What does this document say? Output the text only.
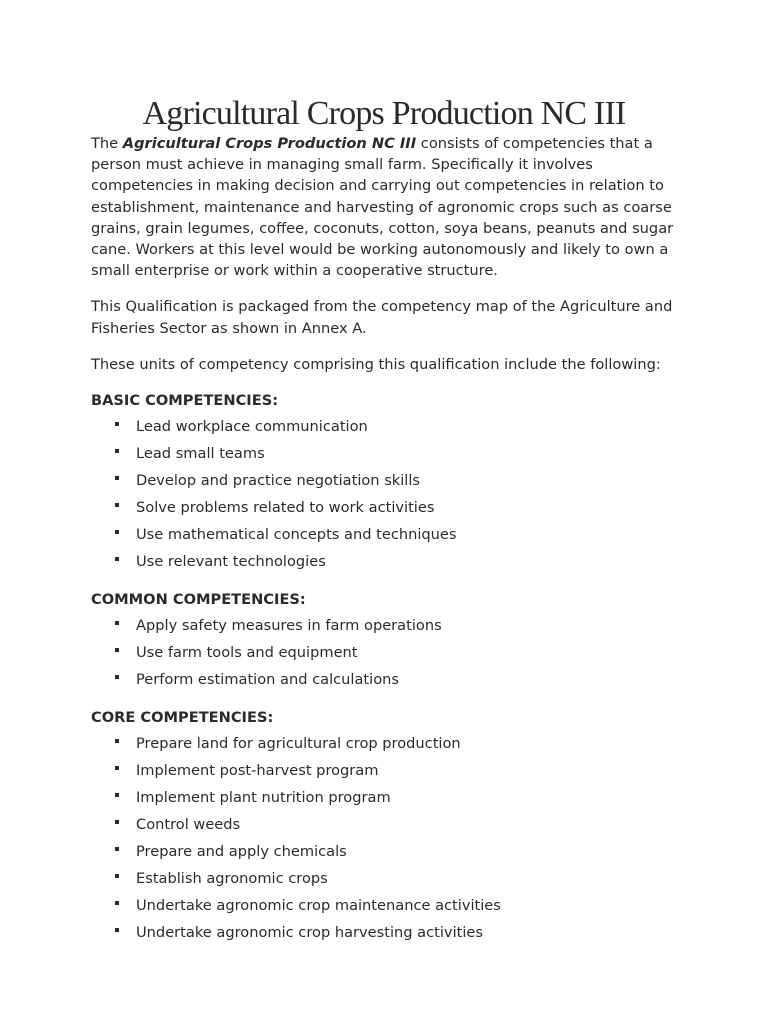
Agricultural Crops Production NC III

The Agricultural Crops Production NC III consists of competencies that a person must achieve in managing small farm. Specifically it involves competencies in making decision and carrying out competencies in relation to establishment, maintenance and harvesting of agronomic crops such as coarse grains, grain legumes, coffee, coconuts, cotton, soya beans, peanuts and sugar cane. Workers at this level would be working autonomously and likely to own a small enterprise or work within a cooperative structure.

This Qualification is packaged from the competency map of the Agriculture and Fisheries Sector as shown in Annex A.

These units of competency comprising this qualification include the following:

BASIC COMPETENCIES:
Lead workplace communication
Lead small teams
Develop and practice negotiation skills
Solve problems related to work activities
Use mathematical concepts and techniques
Use relevant technologies
COMMON COMPETENCIES:
Apply safety measures in farm operations
Use farm tools and equipment
Perform estimation and calculations
CORE COMPETENCIES:
Prepare land for agricultural crop production
Implement post-harvest program
Implement plant nutrition program
Control weeds
Prepare and apply chemicals
Establish agronomic crops
Undertake agronomic crop maintenance activities
Undertake agronomic crop harvesting activities
